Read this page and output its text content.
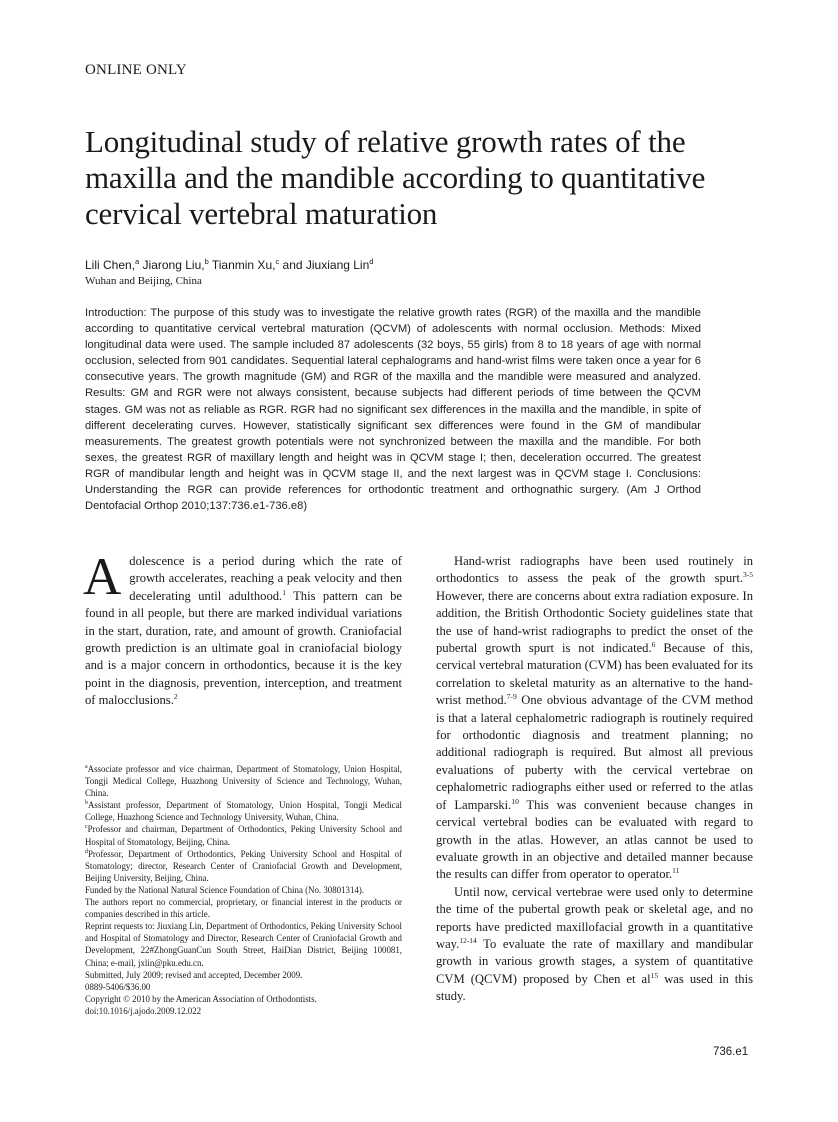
ONLINE ONLY
Longitudinal study of relative growth rates of the maxilla and the mandible according to quantitative cervical vertebral maturation
Lili Chen,$^a$ Jiarong Liu,$^b$ Tianmin Xu,$^c$ and Jiuxiang Lin$^d$
Wuhan and Beijing, China

Introduction: The purpose of this study was to investigate the relative growth rates (RGR) of the maxilla and the mandible according to quantitative cervical vertebral maturation (QCVM) of adolescents with normal occlusion. Methods: Mixed longitudinal data were used. The sample included 87 adolescents (32 boys, 55 girls) from 8 to 18 years of age with normal occlusion, selected from 901 candidates. Sequential lateral cephalograms and hand-wrist films were taken once a year for 6 consecutive years. The growth magnitude (GM) and RGR of the maxilla and the mandible were measured and analyzed. Results: GM and RGR were not always consistent, because subjects had different periods of time between the QCVM stages. GM was not as reliable as RGR. RGR had no significant sex differences in the maxilla and the mandible, in spite of different decelerating curves. However, statistically significant sex differences were found in the GM of mandibular measurements. The greatest growth potentials were not synchronized between the maxilla and the mandible. For both sexes, the greatest RGR of maxillary length and height was in QCVM stage I; then, deceleration occurred. The greatest RGR of mandibular length and height was in QCVM stage II, and the next largest was in QCVM stage I. Conclusions: Understanding the RGR can provide references for orthodontic treatment and orthognathic surgery. (Am J Orthod Dentofacial Orthop 2010;137:736.e1-736.e8)

Adolescence is a period during which the rate of growth accelerates, reaching a peak velocity and then decelerating until adulthood.$^1$ This pattern can be found in all people, but there are marked individual variations in the start, duration, rate, and amount of growth. Craniofacial growth prediction is an ultimate goal in craniofacial biology and is a major concern in orthodontics, because it is the key point in the diagnosis, prevention, interception, and treatment of malocclusions.$^2$

$^a$Associate professor and vice chairman, Department of Stomatology, Union Hospital, Tongji Medical College, Huazhong University of Science and Technology, Wuhan, China.

$^b$Assistant professor, Department of Stomatology, Union Hospital, Tongji Medical College, Huazhong Science and Technology University, Wuhan, China.

$^c$Professor and chairman, Department of Orthodontics, Peking University School and Hospital of Stomatology, Beijing, China.

$^d$Professor, Department of Orthodontics, Peking University School and Hospital of Stomatology; director, Research Center of Craniofacial Growth and Development, Beijing University, Beijing, China.

Funded by the National Natural Science Foundation of China (No. 30801314).

The authors report no commercial, proprietary, or financial interest in the products or companies described in this article.

Reprint requests to: Jiuxiang Lin, Department of Orthodontics, Peking University School and Hospital of Stomatology and Director, Research Center of Craniofacial Growth and Development, 22#ZhongGuanCun South Street, HaiDian District, Beijing 100081, China; e-mail, jxlin@pku.edu.cn.

Submitted, July 2009; revised and accepted, December 2009.

0889-5406/$36.00

Copyright © 2010 by the American Association of Orthodontists.

doi:10.1016/j.ajodo.2009.12.022

Hand-wrist radiographs have been used routinely in orthodontics to assess the peak of the growth spurt.$^{3-5}$ However, there are concerns about extra radiation exposure. In addition, the British Orthodontic Society guidelines state that the use of hand-wrist radiographs to predict the onset of the pubertal growth spurt is not indicated.$^6$ Because of this, cervical vertebral maturation (CVM) has been evaluated for its correlation to skeletal maturity as an alternative to the hand-wrist method.$^{7-9}$ One obvious advantage of the CVM method is that a lateral cephalometric radiograph is routinely required for orthodontic diagnosis and treatment planning; no additional radiograph is required. But almost all previous evaluations of puberty with the cervical vertebrae on cephalometric radiographs either used or referred to the atlas of Lamparski.$^{10}$ This was convenient because changes in cervical vertebral bodies can be evaluated with regard to growth in the atlas. However, an atlas cannot be used to evaluate growth in an objective and detailed manner because the results can differ from operator to operator.$^{11}$

Until now, cervical vertebrae were used only to determine the time of the pubertal growth peak or skeletal age, and no reports have predicted maxillofacial growth in a quantitative way.$^{12-14}$ To evaluate the rate of maxillary and mandibular growth in various growth stages, a system of quantitative CVM (QCVM) proposed by Chen et $al^{15}$ was used in this study.

736.e1
